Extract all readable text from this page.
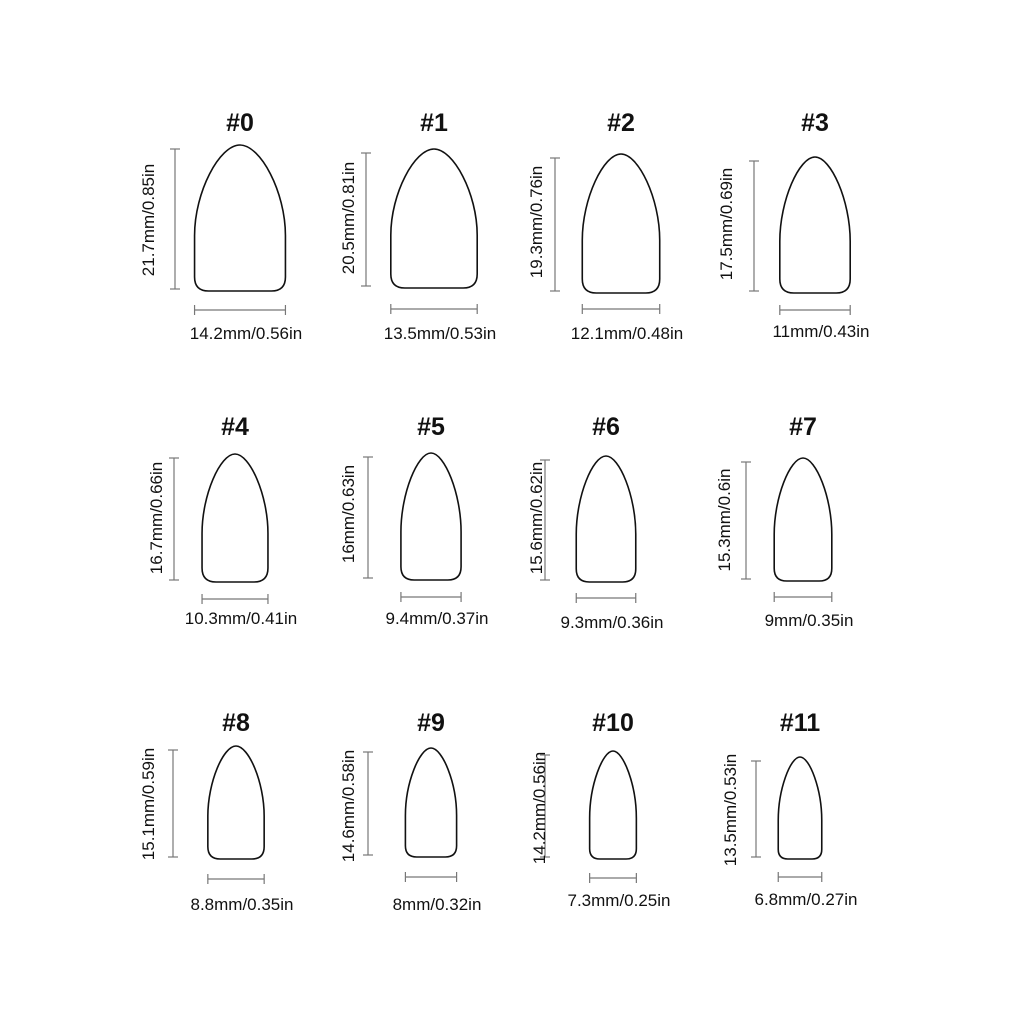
#0
21.7mm/0.85in
14.2mm/0.56in
#1
20.5mm/0.81in
13.5mm/0.53in
#2
19.3mm/0.76in
12.1mm/0.48in
#3
17.5mm/0.69in
11mm/0.43in
#4
16.7mm/0.66in
10.3mm/0.41in
#5
16mm/0.63in
9.4mm/0.37in
#6
15.6mm/0.62in
9.3mm/0.36in
#7
15.3mm/0.6in
9mm/0.35in
#8
15.1mm/0.59in
8.8mm/0.35in
#9
14.6mm/0.58in
8mm/0.32in
#10
14.2mm/0.56in
7.3mm/0.25in
#11
13.5mm/0.53in
6.8mm/0.27in
